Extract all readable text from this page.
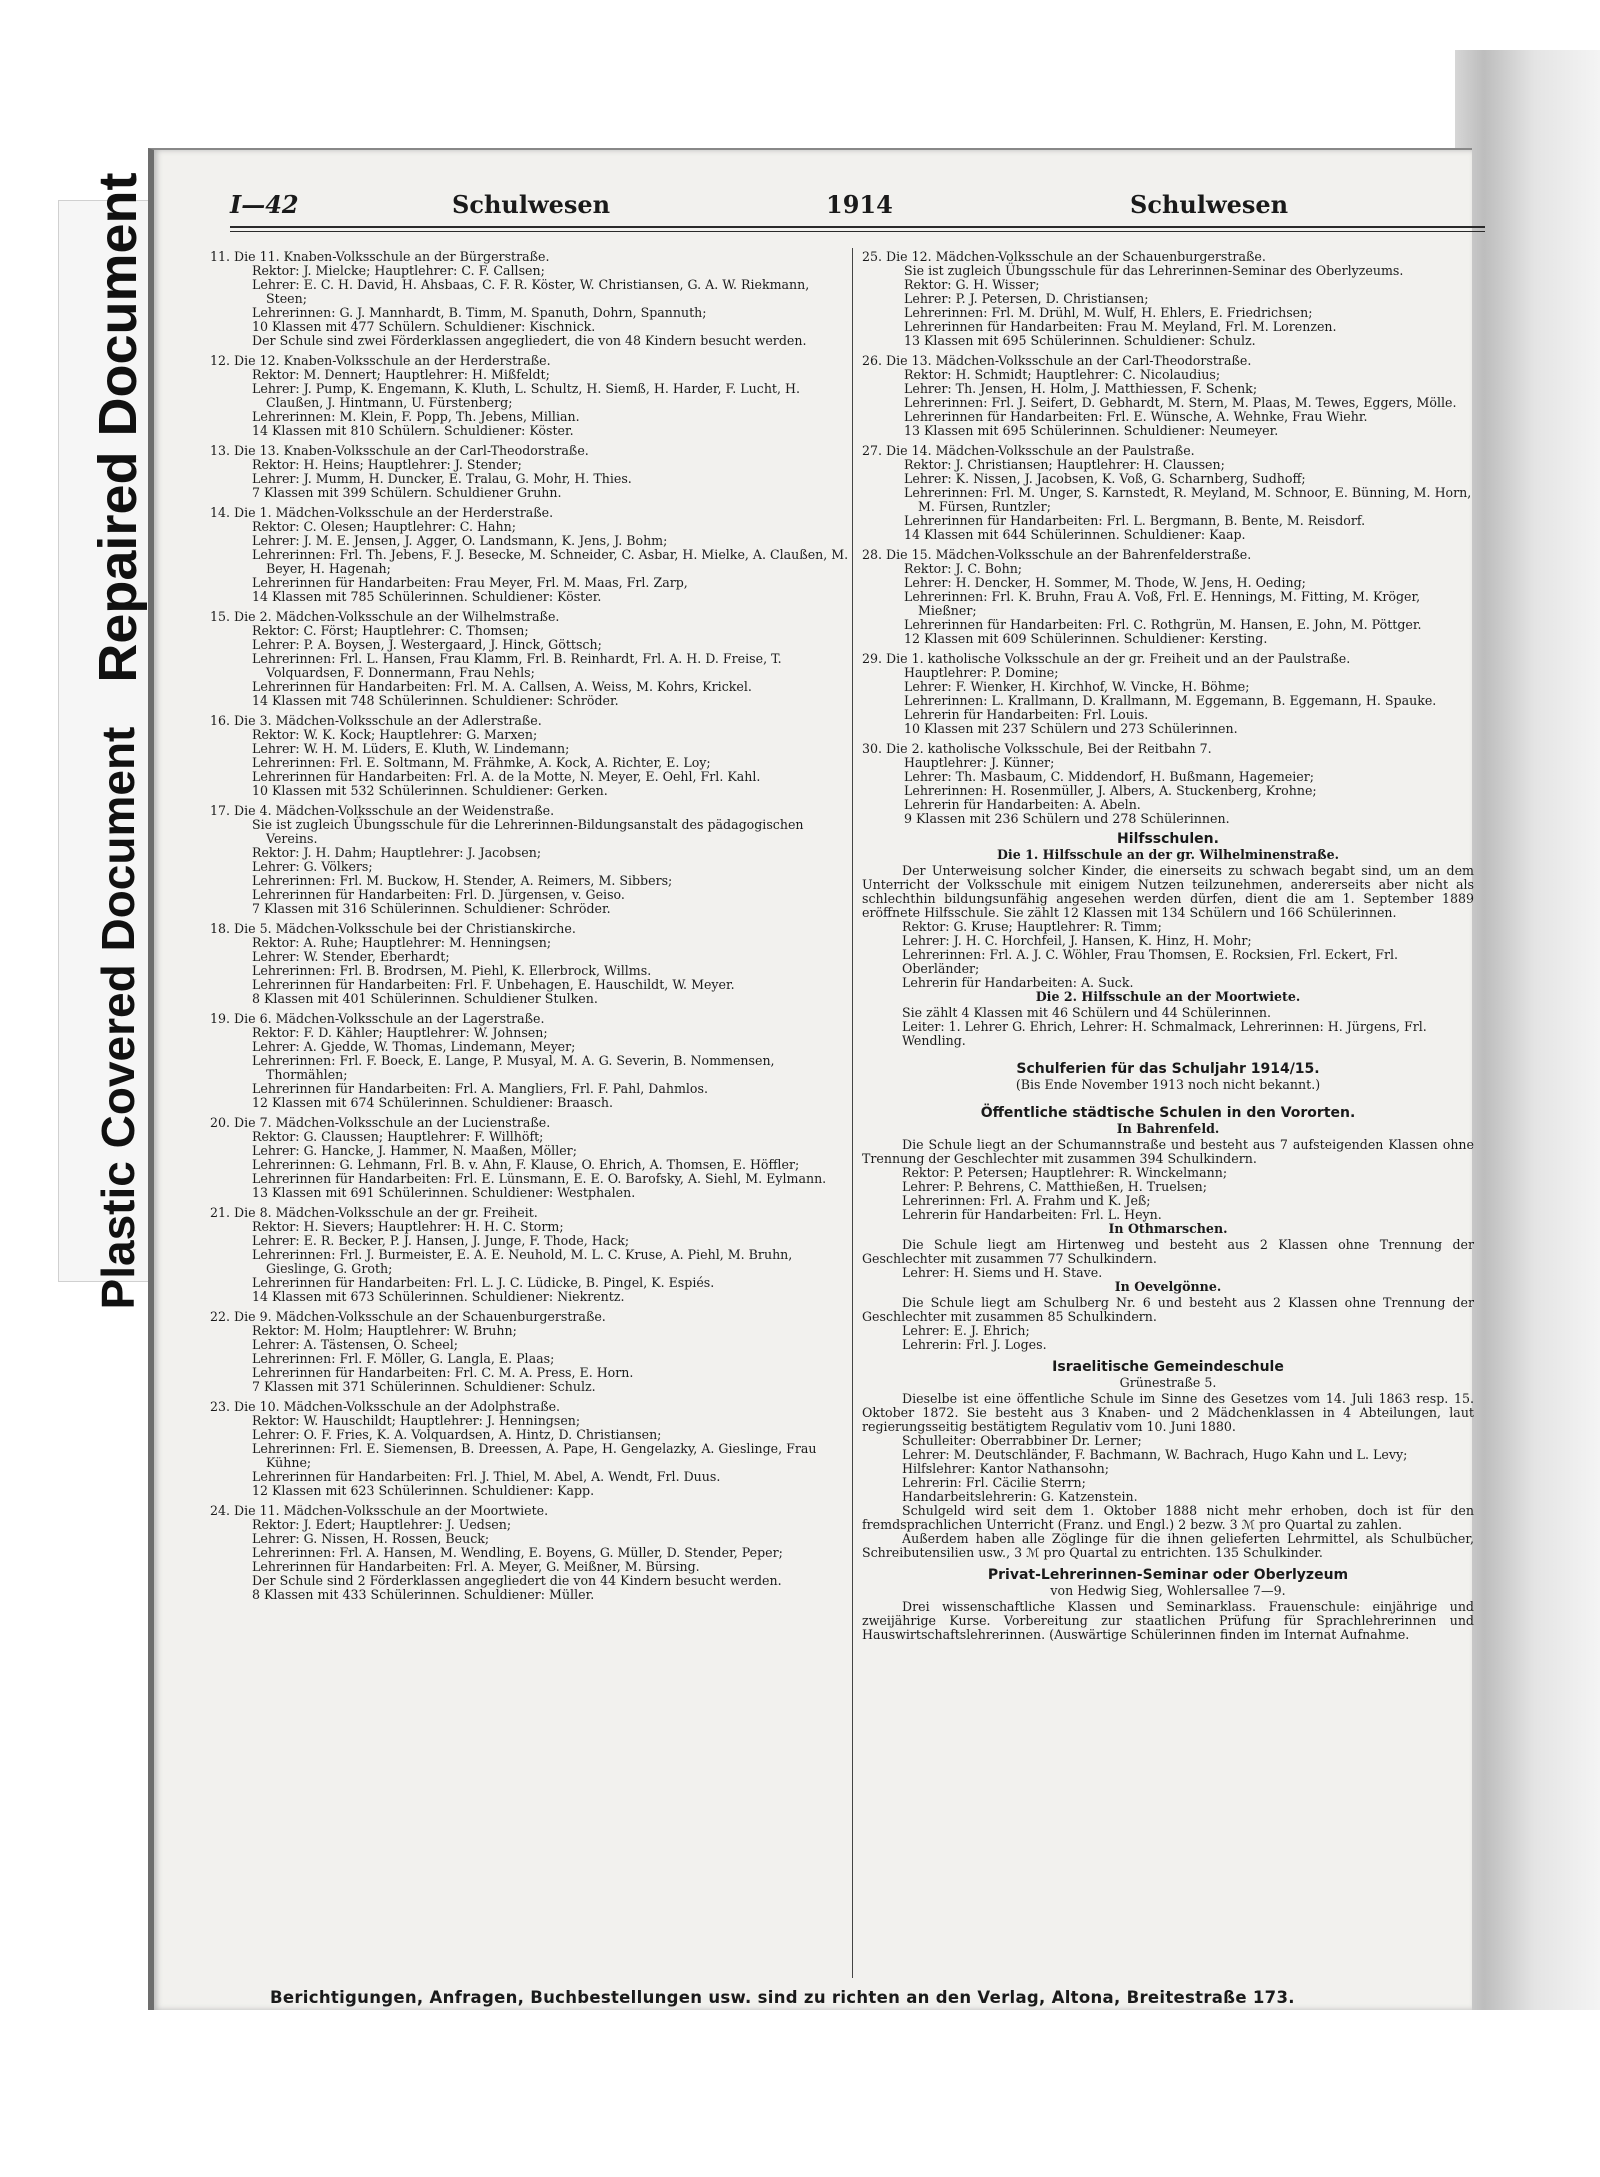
Plastic Covered Document
Repaired Document	I—42	Schulwesen	1914	Schulwesen
11. Die 11. Knaben-Volksschule an der Bürgerstraße.
Rektor: J. Mielcke; Hauptlehrer: C. F. Callsen;
Lehrer: E. C. H. David, H. Ahsbaas, C. F. R. Köster, W. Christiansen, G. A. W. Riekmann, Steen;
Lehrerinnen: G. J. Mannhardt, B. Timm, M. Spanuth, Dohrn, Spannuth;
10 Klassen mit 477 Schülern. Schuldiener: Kischnick.
Der Schule sind zwei Förderklassen angegliedert, die von 48 Kindern besucht werden.
12. Die 12. Knaben-Volksschule an der Herderstraße.
Rektor: M. Dennert; Hauptlehrer: H. Mißfeldt;
Lehrer: J. Pump, K. Engemann, K. Kluth, L. Schultz, H. Siemß, H. Harder, F. Lucht, H. Claußen, J. Hintmann, U. Fürstenberg;
Lehrerinnen: M. Klein, F. Popp, Th. Jebens, Millian.
14 Klassen mit 810 Schülern. Schuldiener: Köster.
13. Die 13. Knaben-Volksschule an der Carl-Theodorstraße.
Rektor: H. Heins; Hauptlehrer: J. Stender;
Lehrer: J. Mumm, H. Duncker, E. Tralau, G. Mohr, H. Thies.
7 Klassen mit 399 Schülern. Schuldiener Gruhn.
14. Die 1. Mädchen-Volksschule an der Herderstraße.
Rektor: C. Olesen; Hauptlehrer: C. Hahn;
Lehrer: J. M. E. Jensen, J. Agger, O. Landsmann, K. Jens, J. Bohm;
Lehrerinnen: Frl. Th. Jebens, F. J. Besecke, M. Schneider, C. Asbar, H. Mielke, A. Claußen, M. Beyer, H. Hagenah;
Lehrerinnen für Handarbeiten: Frau Meyer, Frl. M. Maas, Frl. Zarp,
14 Klassen mit 785 Schülerinnen. Schuldiener: Köster.
15. Die 2. Mädchen-Volksschule an der Wilhelmstraße.
Rektor: C. Först; Hauptlehrer: C. Thomsen;
Lehrer: P. A. Boysen, J. Westergaard, J. Hinck, Göttsch;
Lehrerinnen: Frl. L. Hansen, Frau Klamm, Frl. B. Reinhardt, Frl. A. H. D. Freise, T. Volquardsen, F. Donnermann, Frau Nehls;
Lehrerinnen für Handarbeiten: Frl. M. A. Callsen, A. Weiss, M. Kohrs, Krickel.
14 Klassen mit 748 Schülerinnen. Schuldiener: Schröder.
16. Die 3. Mädchen-Volksschule an der Adlerstraße.
Rektor: W. K. Kock; Hauptlehrer: G. Marxen;
Lehrer: W. H. M. Lüders, E. Kluth, W. Lindemann;
Lehrerinnen: Frl. E. Soltmann, M. Frähmke, A. Kock, A. Richter, E. Loy;
Lehrerinnen für Handarbeiten: Frl. A. de la Motte, N. Meyer, E. Oehl, Frl. Kahl.
10 Klassen mit 532 Schülerinnen. Schuldiener: Gerken.
17. Die 4. Mädchen-Volksschule an der Weidenstraße.
Sie ist zugleich Übungsschule für die Lehrerinnen-Bildungsanstalt des pädagogischen Vereins.
Rektor: J. H. Dahm; Hauptlehrer: J. Jacobsen;
Lehrer: G. Völkers;
Lehrerinnen: Frl. M. Buckow, H. Stender, A. Reimers, M. Sibbers;
Lehrerinnen für Handarbeiten: Frl. D. Jürgensen, v. Geiso.
7 Klassen mit 316 Schülerinnen. Schuldiener: Schröder.
18. Die 5. Mädchen-Volksschule bei der Christianskirche.
Rektor: A. Ruhe; Hauptlehrer: M. Henningsen;
Lehrer: W. Stender, Eberhardt;
Lehrerinnen: Frl. B. Brodrsen, M. Piehl, K. Ellerbrock, Willms.
Lehrerinnen für Handarbeiten: Frl. F. Unbehagen, E. Hauschildt, W. Meyer.
8 Klassen mit 401 Schülerinnen. Schuldiener Stulken.
19. Die 6. Mädchen-Volksschule an der Lagerstraße.
Rektor: F. D. Kähler; Hauptlehrer: W. Johnsen;
Lehrer: A. Gjedde, W. Thomas, Lindemann, Meyer;
Lehrerinnen: Frl. F. Boeck, E. Lange, P. Musyal, M. A. G. Severin, B. Nommensen, Thormählen;
Lehrerinnen für Handarbeiten: Frl. A. Mangliers, Frl. F. Pahl, Dahmlos.
12 Klassen mit 674 Schülerinnen. Schuldiener: Braasch.
20. Die 7. Mädchen-Volksschule an der Lucienstraße.
Rektor: G. Claussen; Hauptlehrer: F. Willhöft;
Lehrer: G. Hancke, J. Hammer, N. Maaßen, Möller;
Lehrerinnen: G. Lehmann, Frl. B. v. Ahn, F. Klause, O. Ehrich, A. Thomsen, E. Höffler;
Lehrerinnen für Handarbeiten: Frl. E. Lünsmann, E. E. O. Barofsky, A. Siehl, M. Eylmann.
13 Klassen mit 691 Schülerinnen. Schuldiener: Westphalen.
21. Die 8. Mädchen-Volksschule an der gr. Freiheit.
Rektor: H. Sievers; Hauptlehrer: H. H. C. Storm;
Lehrer: E. R. Becker, P. J. Hansen, J. Junge, F. Thode, Hack;
Lehrerinnen: Frl. J. Burmeister, E. A. E. Neuhold, M. L. C. Kruse, A. Piehl, M. Bruhn, Gieslinge, G. Groth;
Lehrerinnen für Handarbeiten: Frl. L. J. C. Lüdicke, B. Pingel, K. Espiés.
14 Klassen mit 673 Schülerinnen. Schuldiener: Niekrentz.
22. Die 9. Mädchen-Volksschule an der Schauenburgerstraße.
Rektor: M. Holm; Hauptlehrer: W. Bruhn;
Lehrer: A. Tästensen, O. Scheel;
Lehrerinnen: Frl. F. Möller, G. Langla, E. Plaas;
Lehrerinnen für Handarbeiten: Frl. C. M. A. Press, E. Horn.
7 Klassen mit 371 Schülerinnen. Schuldiener: Schulz.
23. Die 10. Mädchen-Volksschule an der Adolphstraße.
Rektor: W. Hauschildt; Hauptlehrer: J. Henningsen;
Lehrer: O. F. Fries, K. A. Volquardsen, A. Hintz, D. Christiansen;
Lehrerinnen: Frl. E. Siemensen, B. Dreessen, A. Pape, H. Gengelazky, A. Gieslinge, Frau Kühne;
Lehrerinnen für Handarbeiten: Frl. J. Thiel, M. Abel, A. Wendt, Frl. Duus.
12 Klassen mit 623 Schülerinnen. Schuldiener: Kapp.
24. Die 11. Mädchen-Volksschule an der Moortwiete.
Rektor: J. Edert; Hauptlehrer: J. Uedsen;
Lehrer: G. Nissen, H. Rossen, Beuck;
Lehrerinnen: Frl. A. Hansen, M. Wendling, E. Boyens, G. Müller, D. Stender, Peper;
Lehrerinnen für Handarbeiten: Frl. A. Meyer, G. Meißner, M. Bürsing.
Der Schule sind 2 Förderklassen angegliedert die von 44 Kindern besucht werden.
8 Klassen mit 433 Schülerinnen. Schuldiener: Müller.
25. Die 12. Mädchen-Volksschule an der Schauenburgerstraße.
Sie ist zugleich Übungsschule für das Lehrerinnen-Seminar des Oberlyzeums.
Rektor: G. H. Wisser;
Lehrer: P. J. Petersen, D. Christiansen;
Lehrerinnen: Frl. M. Drühl, M. Wulf, H. Ehlers, E. Friedrichsen;
Lehrerinnen für Handarbeiten: Frau M. Meyland, Frl. M. Lorenzen.
13 Klassen mit 695 Schülerinnen. Schuldiener: Schulz.
26. Die 13. Mädchen-Volksschule an der Carl-Theodorstraße.
Rektor: H. Schmidt; Hauptlehrer: C. Nicolaudius;
Lehrer: Th. Jensen, H. Holm, J. Matthiessen, F. Schenk;
Lehrerinnen: Frl. J. Seifert, D. Gebhardt, M. Stern, M. Plaas, M. Tewes, Eggers, Mölle.
Lehrerinnen für Handarbeiten: Frl. E. Wünsche, A. Wehnke, Frau Wiehr.
13 Klassen mit 695 Schülerinnen. Schuldiener: Neumeyer.
27. Die 14. Mädchen-Volksschule an der Paulstraße.
Rektor: J. Christiansen; Hauptlehrer: H. Claussen;
Lehrer: K. Nissen, J. Jacobsen, K. Voß, G. Scharnberg, Sudhoff;
Lehrerinnen: Frl. M. Unger, S. Karnstedt, R. Meyland, M. Schnoor, E. Bünning, M. Horn, M. Fürsen, Runtzler;
Lehrerinnen für Handarbeiten: Frl. L. Bergmann, B. Bente, M. Reisdorf.
14 Klassen mit 644 Schülerinnen. Schuldiener: Kaap.
28. Die 15. Mädchen-Volksschule an der Bahrenfelderstraße.
Rektor: J. C. Bohn;
Lehrer: H. Dencker, H. Sommer, M. Thode, W. Jens, H. Oeding;
Lehrerinnen: Frl. K. Bruhn, Frau A. Voß, Frl. E. Hennings, M. Fitting, M. Kröger, Mießner;
Lehrerinnen für Handarbeiten: Frl. C. Rothgrün, M. Hansen, E. John, M. Pöttger.
12 Klassen mit 609 Schülerinnen. Schuldiener: Kersting.
29. Die 1. katholische Volksschule an der gr. Freiheit und an der Paulstraße.
Hauptlehrer: P. Domine;
Lehrer: F. Wienker, H. Kirchhof, W. Vincke, H. Böhme;
Lehrerinnen: L. Krallmann, D. Krallmann, M. Eggemann, B. Eggemann, H. Spauke.
Lehrerin für Handarbeiten: Frl. Louis.
10 Klassen mit 237 Schülern und 273 Schülerinnen.
30. Die 2. katholische Volksschule, Bei der Reitbahn 7.
Hauptlehrer: J. Künner;
Lehrer: Th. Masbaum, C. Middendorf, H. Bußmann, Hagemeier;
Lehrerinnen: H. Rosenmüller, J. Albers, A. Stuckenberg, Krohne;
Lehrerin für Handarbeiten: A. Abeln.
9 Klassen mit 236 Schülern und 278 Schülerinnen.
Hilfsschulen.
Die 1. Hilfsschule an der gr. Wilhelminenstraße.

Der Unterweisung solcher Kinder, die einerseits zu schwach begabt sind, um an dem Unterricht der Volksschule mit einigem Nutzen teilzunehmen, andererseits aber nicht als schlechthin bildungsunfähig angesehen werden dürfen, dient die am 1. September 1889 eröffnete Hilfsschule. Sie zählt 12 Klassen mit 134 Schülern und 166 Schülerinnen.

Rektor: G. Kruse; Hauptlehrer: R. Timm;
Lehrer: J. H. C. Horchfeil, J. Hansen, K. Hinz, H. Mohr;
Lehrerinnen: Frl. A. J. C. Wöhler, Frau Thomsen, E. Rocksien, Frl. Eckert, Frl. Oberländer;
Lehrerin für Handarbeiten: A. Suck.
Die 2. Hilfsschule an der Moortwiete.
Sie zählt 4 Klassen mit 46 Schülern und 44 Schülerinnen.
Leiter: 1. Lehrer G. Ehrich, Lehrer: H. Schmalmack, Lehrerinnen: H. Jürgens, Frl. Wendling.
Schulferien für das Schuljahr 1914/15.
(Bis Ende November 1913 noch nicht bekannt.)
Öffentliche städtische Schulen in den Vororten.
In Bahrenfeld.

Die Schule liegt an der Schumannstraße und besteht aus 7 aufsteigenden Klassen ohne Trennung der Geschlechter mit zusammen 394 Schulkindern.

Rektor: P. Petersen; Hauptlehrer: R. Winckelmann;
Lehrer: P. Behrens, C. Matthießen, H. Truelsen;
Lehrerinnen: Frl. A. Frahm und K. Jeß;
Lehrerin für Handarbeiten: Frl. L. Heyn.
In Othmarschen.

Die Schule liegt am Hirtenweg und besteht aus 2 Klassen ohne Trennung der Geschlechter mit zusammen 77 Schulkindern.

Lehrer: H. Siems und H. Stave.
In Oevelgönne.

Die Schule liegt am Schulberg Nr. 6 und besteht aus 2 Klassen ohne Trennung der Geschlechter mit zusammen 85 Schulkindern.

Lehrer: E. J. Ehrich;
Lehrerin: Frl. J. Loges.
Israelitische Gemeindeschule
Grünestraße 5.

Dieselbe ist eine öffentliche Schule im Sinne des Gesetzes vom 14. Juli 1863 resp. 15. Oktober 1872. Sie besteht aus 3 Knaben- und 2 Mädchenklassen in 4 Abteilungen, laut regierungsseitig bestätigtem Regulativ vom 10. Juni 1880.

Schulleiter: Oberrabbiner Dr. Lerner;
Lehrer: M. Deutschländer, F. Bachmann, W. Bachrach, Hugo Kahn und L. Levy;
Hilfslehrer: Kantor Nathansohn;
Lehrerin: Frl. Cäcilie Sterrn;
Handarbeitslehrerin: G. Katzenstein.

Schulgeld wird seit dem 1. Oktober 1888 nicht mehr erhoben, doch ist für den fremdsprachlichen Unterricht (Franz. und Engl.) 2 bezw. 3 ℳ pro Quartal zu zahlen.

Außerdem haben alle Zöglinge für die ihnen gelieferten Lehrmittel, als Schulbücher, Schreibutensilien usw., 3 ℳ pro Quartal zu entrichten. 135 Schulkinder.

Privat-Lehrerinnen-Seminar oder Oberlyzeum
von Hedwig Sieg, Wohlersallee 7—9.

Drei wissenschaftliche Klassen und Seminarklass. Frauenschule: einjährige und zweijährige Kurse. Vorbereitung zur staatlichen Prüfung für Sprachlehrerinnen und Hauswirtschaftslehrerinnen. (Auswärtige Schülerinnen finden im Internat Aufnahme.

Berichtigungen, Anfragen, Buchbestellungen usw. sind zu richten an den Verlag, Altona, Breitestraße 173.
